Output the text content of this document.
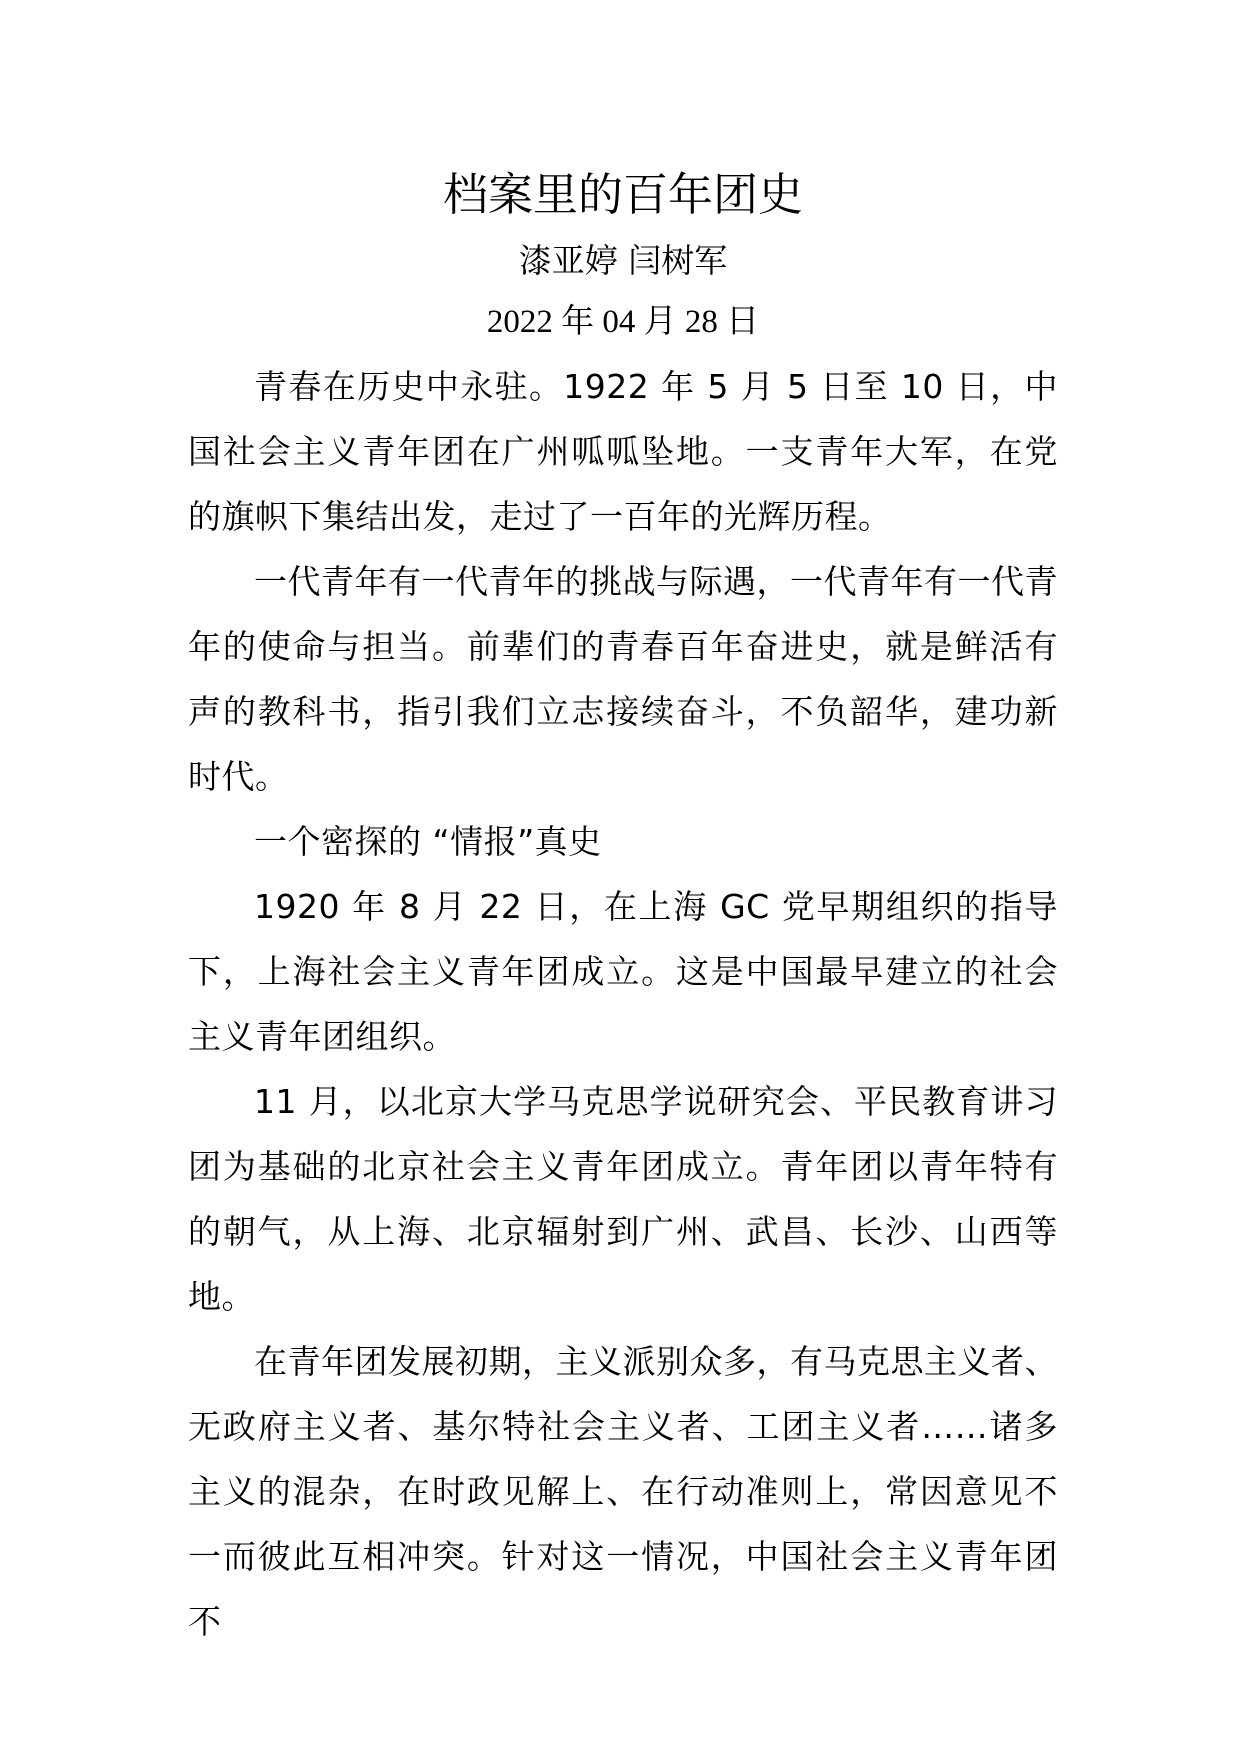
档案里的百年团史
漆亚婷 闫树军
2022 年 04 月 28 日

青春在历史中永驻。1922 年 5 月 5 日至 10 日，中国社会主义青年团在广州呱呱坠地。一支青年大军，在党的旗帜下集结出发，走过了一百年的光辉历程。

一代青年有一代青年的挑战与际遇，一代青年有一代青年的使命与担当。前辈们的青春百年奋进史，就是鲜活有声的教科书，指引我们立志接续奋斗，不负韶华，建功新时代。

一个密探的 “情报”真史

1920 年 8 月 22 日，在上海 GC 党早期组织的指导下，上海社会主义青年团成立。这是中国最早建立的社会主义青年团组织。

11 月，以北京大学马克思学说研究会、平民教育讲习团为基础的北京社会主义青年团成立。青年团以青年特有的朝气，从上海、北京辐射到广州、武昌、长沙、山西等地。

在青年团发展初期，主义派别众多，有马克思主义者、无政府主义者、基尔特社会主义者、工团主义者……诸多主义的混杂，在时政见解上、在行动准则上，常因意见不一而彼此互相冲突。针对这一情况，中国社会主义青年团不
